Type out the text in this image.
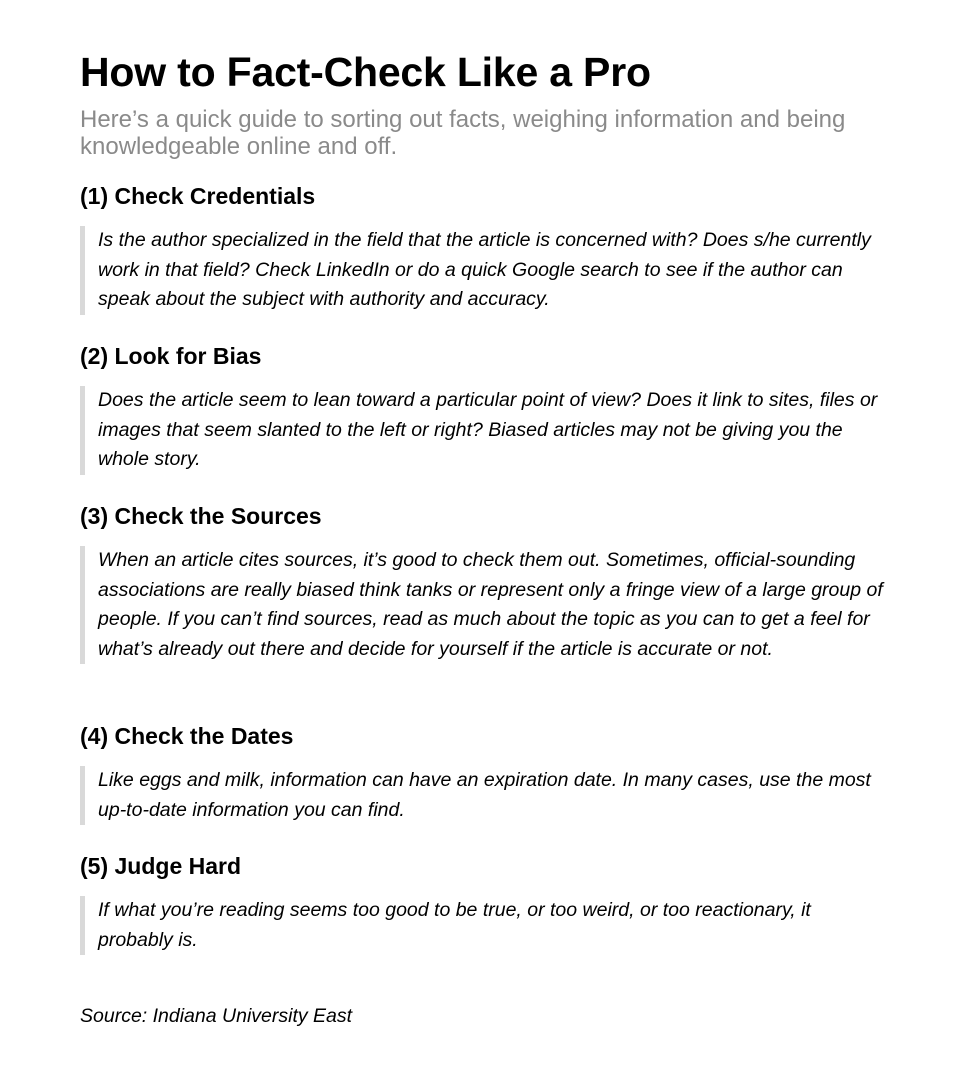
How to Fact-Check Like a Pro

Here’s a quick guide to sorting out facts, weighing information and being knowledgeable online and off.

(1) Check Credentials
Is the author specialized in the field that the article is concerned with? Does s/he currently work in that field? Check LinkedIn or do a quick Google search to see if the author can speak about the subject with authority and accuracy.
(2) Look for Bias
Does the article seem to lean toward a particular point of view? Does it link to sites, files or images that seem slanted to the left or right? Biased articles may not be giving you the whole story.
(3) Check the Sources
When an article cites sources, it’s good to check them out. Sometimes, official-sounding associations are really biased think tanks or represent only a fringe view of a large group of people. If you can’t find sources, read as much about the topic as you can to get a feel for what’s already out there and decide for yourself if the article is accurate or not.
(4) Check the Dates
Like eggs and milk, information can have an expiration date. In many cases, use the most up-to-date information you can find.
(5) Judge Hard
If what you’re reading seems too good to be true, or too weird, or too reactionary, it probably is.

Source: Indiana University East
